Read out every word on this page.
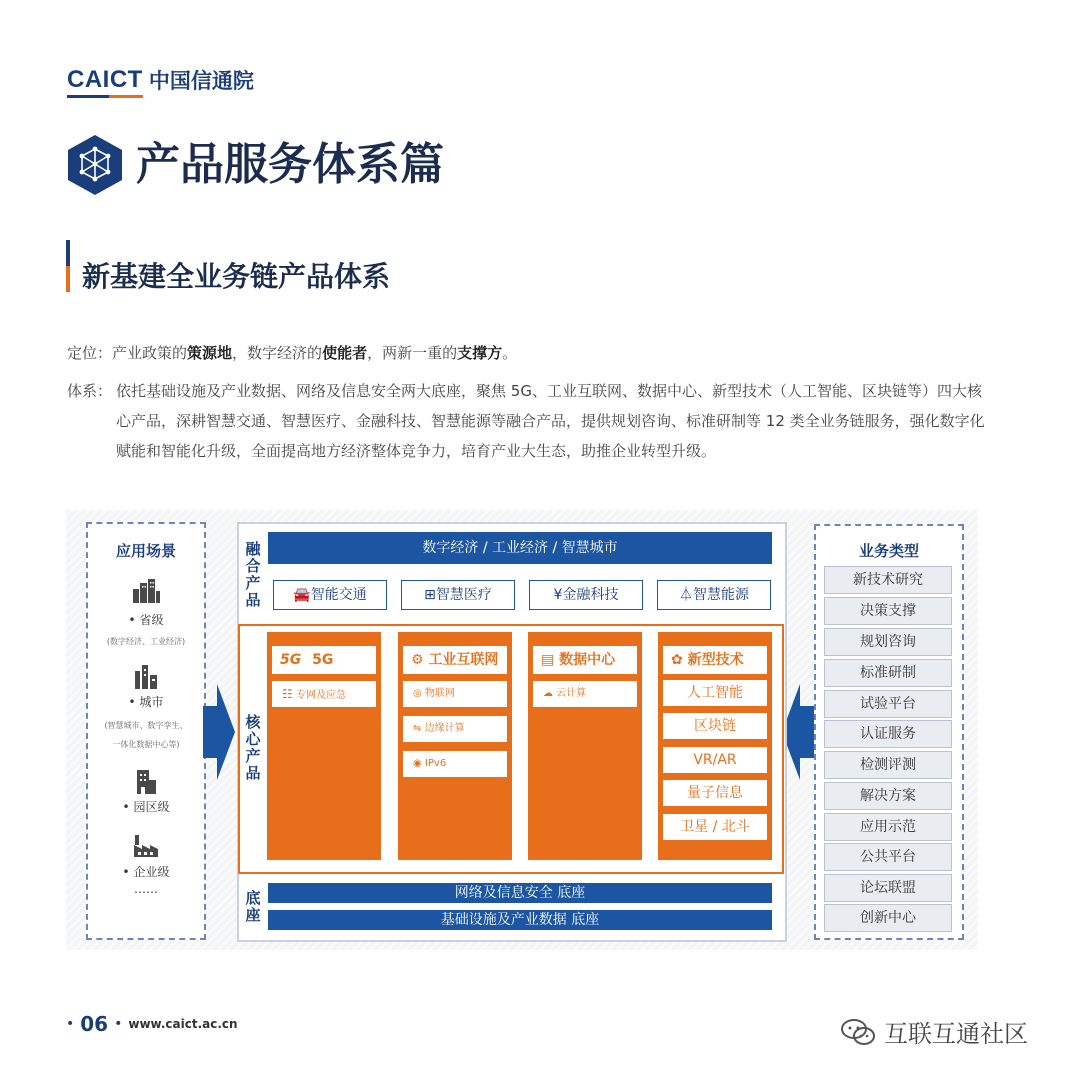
CAICT 中国信通院
产品服务体系篇
新基建全业务链产品体系
定位：产业政策的策源地，数字经济的使能者，两新一重的支撑方。
体系： 依托基础设施及产业数据、网络及信息安全两大底座，聚焦 5G、工业互联网、数据中心、新型技术（人工智能、区块链等）四大核心产品，深耕智慧交通、智慧医疗、金融科技、智慧能源等融合产品，提供规划咨询、标准研制等 12 类全业务链服务，强化数字化赋能和智能化升级，全面提高地方经济整体竞争力，培育产业大生态，助推企业转型升级。
应用场景
• 省级
(数字经济、工业经济)
• 城市
(智慧城市、数字孪生、
一体化数据中心等)
• 园区级
• 企业级
……
融合产品
数字经济 / 工业经济 / 智慧城市
🚘智能交通	⊞智慧医疗	¥金融科技	⏃智慧能源
核心产品
5G 5G
☷ 专网及应急
⚙ 工业互联网
◎ 物联网
⇋ 边缘计算
◉ IPv6
▤ 数据中心
☁ 云计算
✿ 新型技术
人工智能
区块链
VR/AR
量子信息
卫星 / 北斗
底座
网络及信息安全 底座
基础设施及产业数据 底座
业务类型
新技术研究
决策支撑
规划咨询
标准研制
试验平台
认证服务
检测评测
解决方案
应用示范
公共平台
论坛联盟
创新中心
• 06 • www.caict.ac.cn	互联互通社区
